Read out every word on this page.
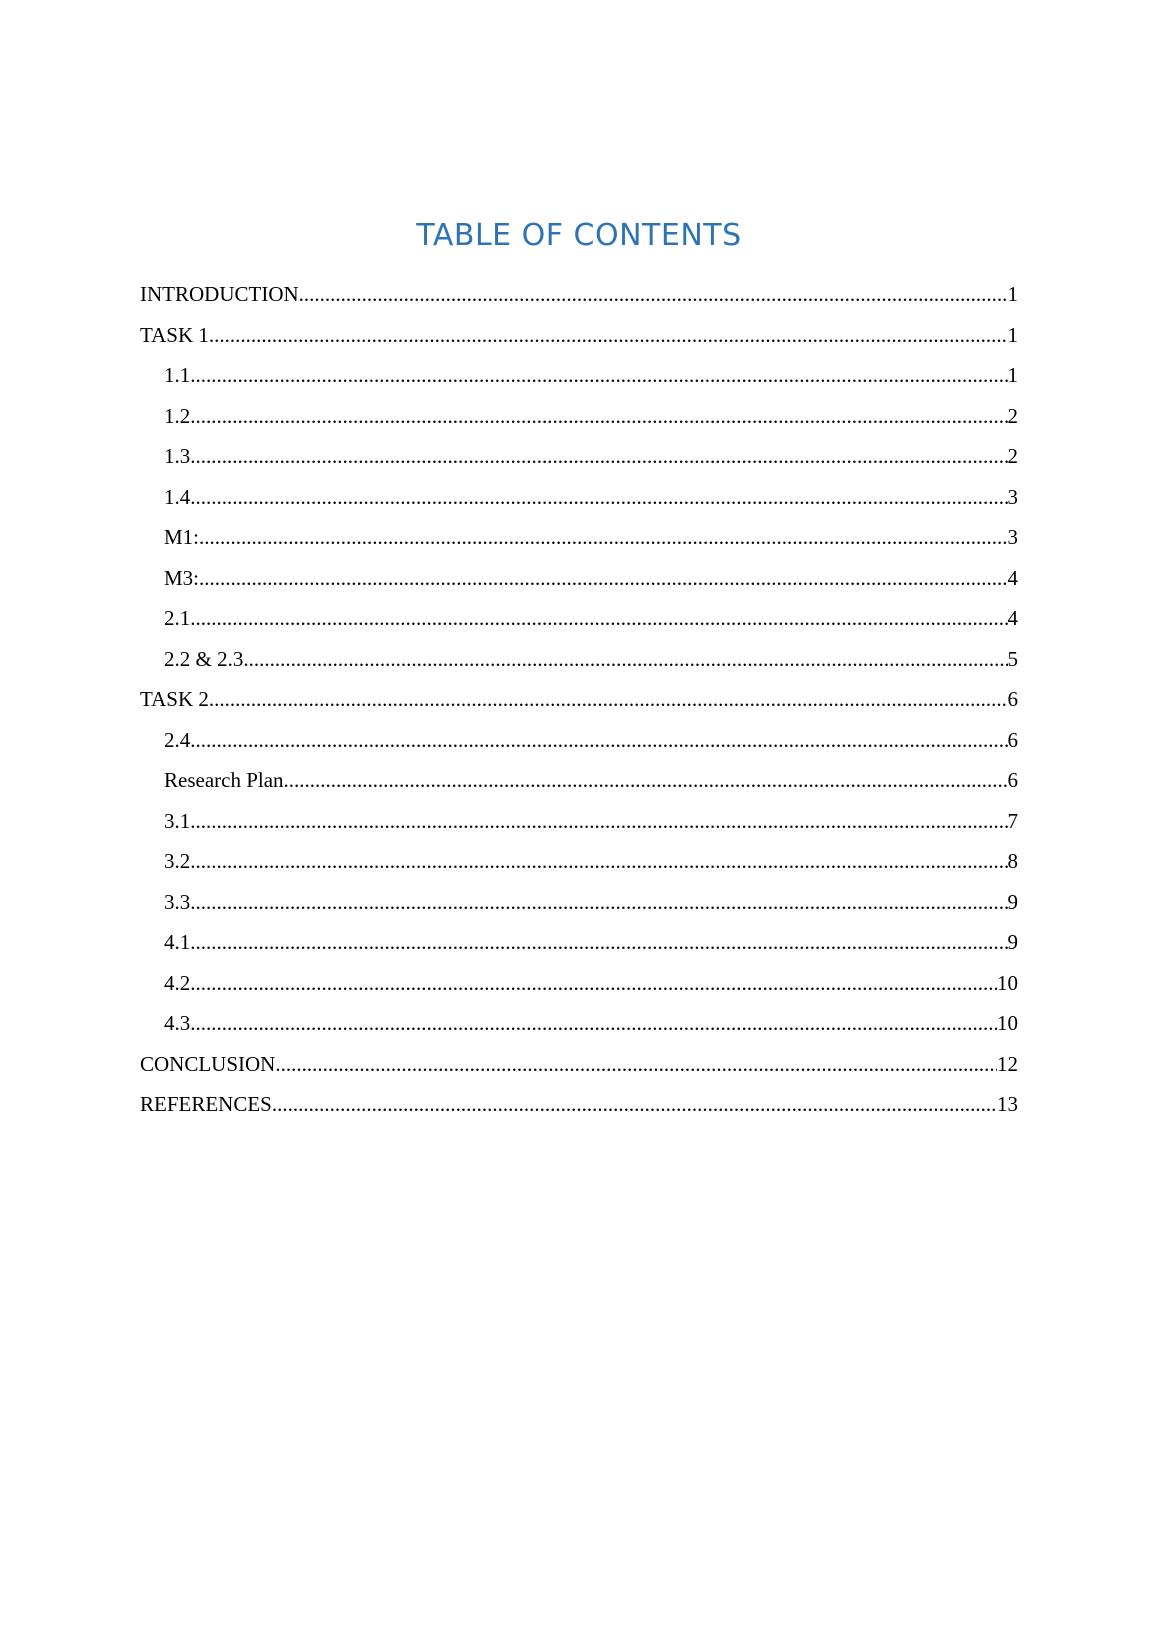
TABLE OF CONTENTS
INTRODUCTION .....	1
TASK 1 .....	1
1.1 .....	1
1.2 .....	2
1.3 .....	2
1.4 .....	3
M1: .....	3
M3: .....	4
2.1 .....	4
2.2 & 2.3 .....	5
TASK 2 .....	6
2.4 .....	6
Research Plan .....	6
3.1 .....	7
3.2 .....	8
3.3 .....	9
4.1 .....	9
4.2 .....	10
4.3 .....	10
CONCLUSION .....	12
REFERENCES .....	13
